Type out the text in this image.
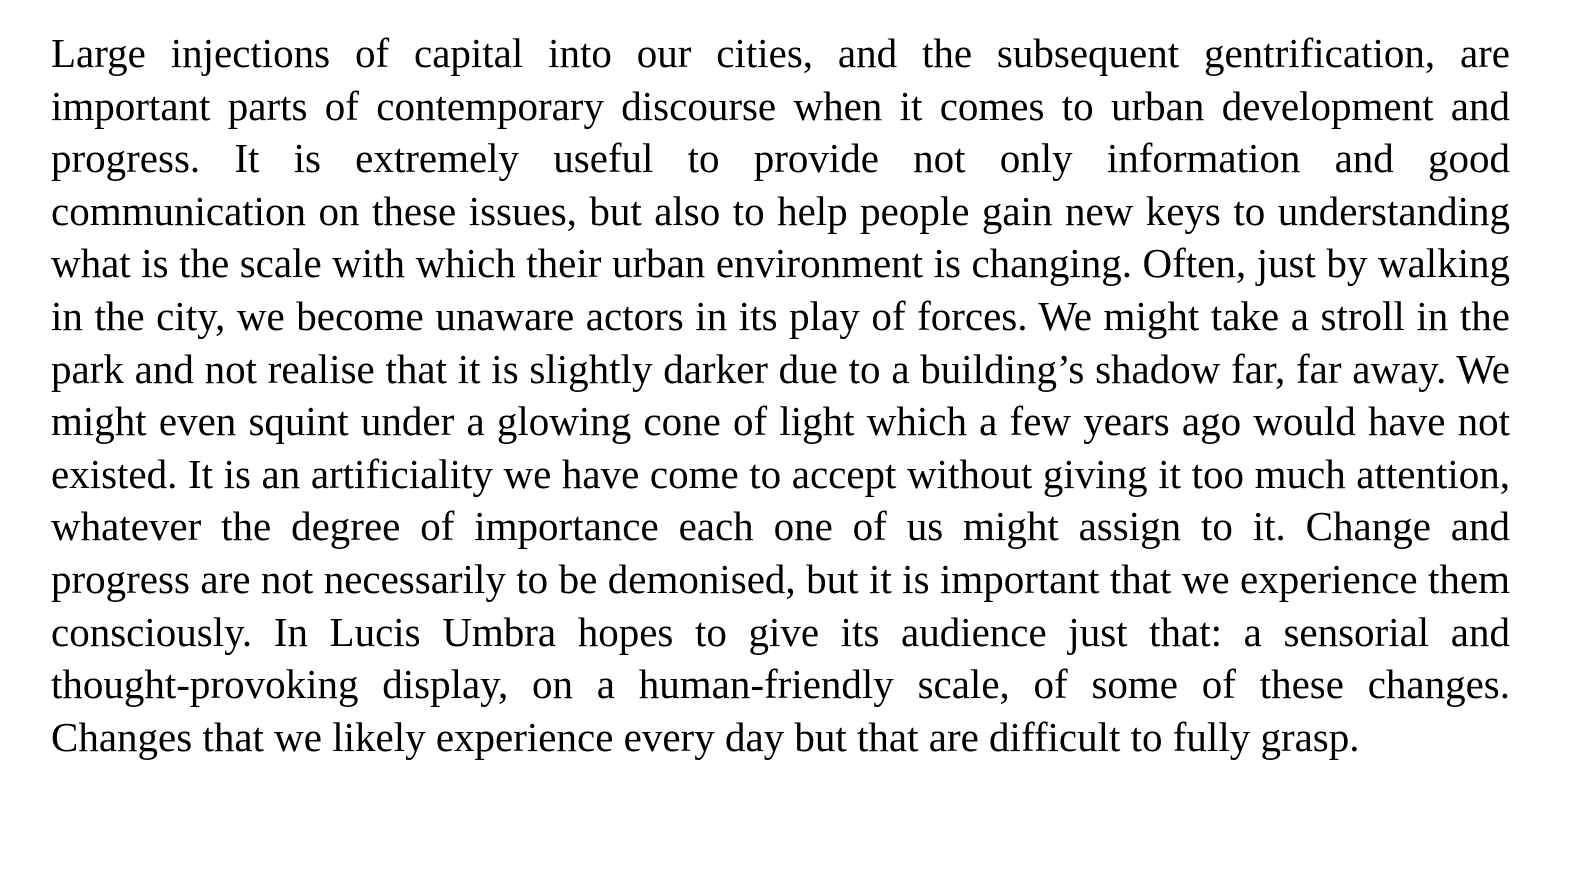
Large injections of capital into our cities, and the subsequent gentrification, are important parts of contemporary discourse when it comes to urban development and progress. It is extremely useful to provide not only information and good communication on these issues, but also to help people gain new keys to understanding what is the scale with which their urban environment is changing. Often, just by walking in the city, we become unaware actors in its play of forces. We might take a stroll in the park and not realise that it is slightly darker due to a building’s shadow far, far away. We might even squint under a glowing cone of light which a few years ago would have not existed. It is an artificiality we have come to accept without giving it too much attention, whatever the degree of importance each one of us might assign to it. Change and progress are not necessarily to be demonised, but it is important that we experience them consciously. In Lucis Umbra hopes to give its audience just that: a sensorial and thought-provoking display, on a human-friendly scale, of some of these changes. Changes that we likely experience every day but that are difficult to fully grasp.
